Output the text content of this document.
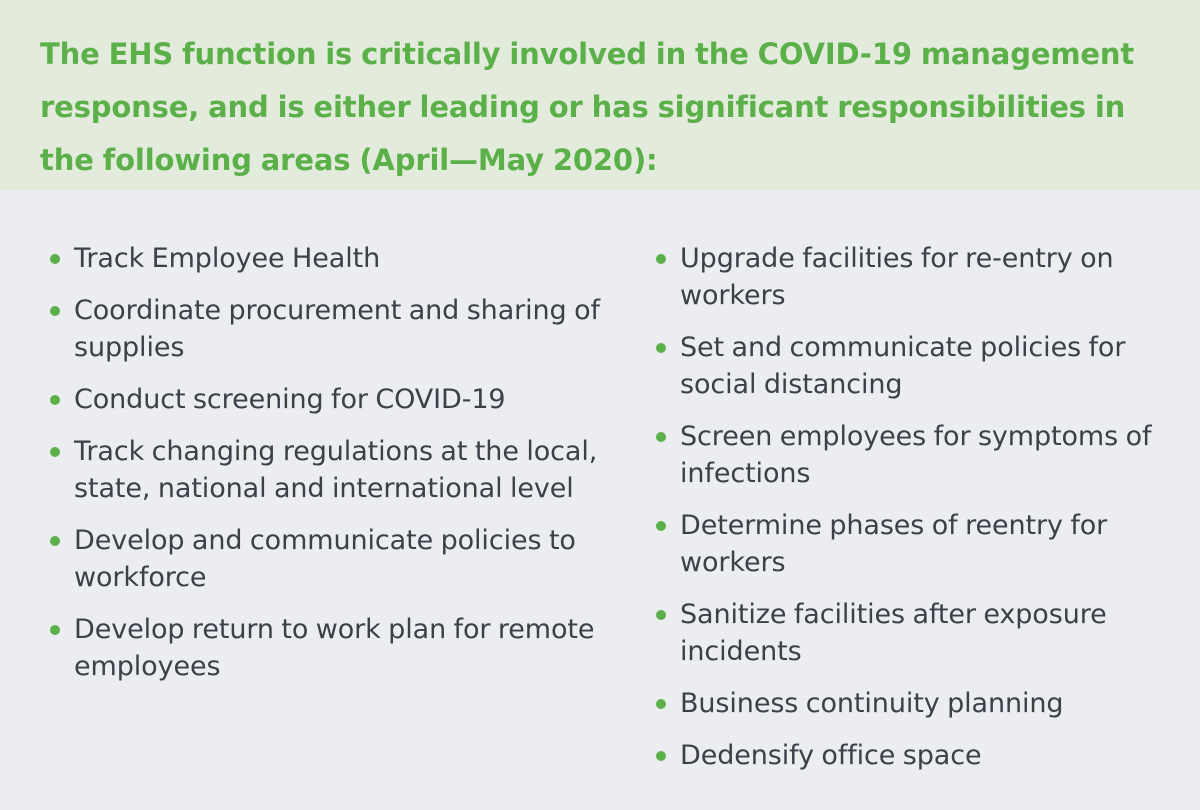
The EHS function is critically involved in the COVID-19 management response, and is either leading or has significant responsibilities in the following areas (April—May 2020):
Track Employee Health
Coordinate procurement and sharing of supplies
Conduct screening for COVID-19
Track changing regulations at the local, state, national and international level
Develop and communicate policies to workforce
Develop return to work plan for remote employees
Upgrade facilities for re-entry on workers
Set and communicate policies for social distancing
Screen employees for symptoms of infections
Determine phases of reentry for workers
Sanitize facilities after exposure incidents
Business continuity planning
Dedensify office space
